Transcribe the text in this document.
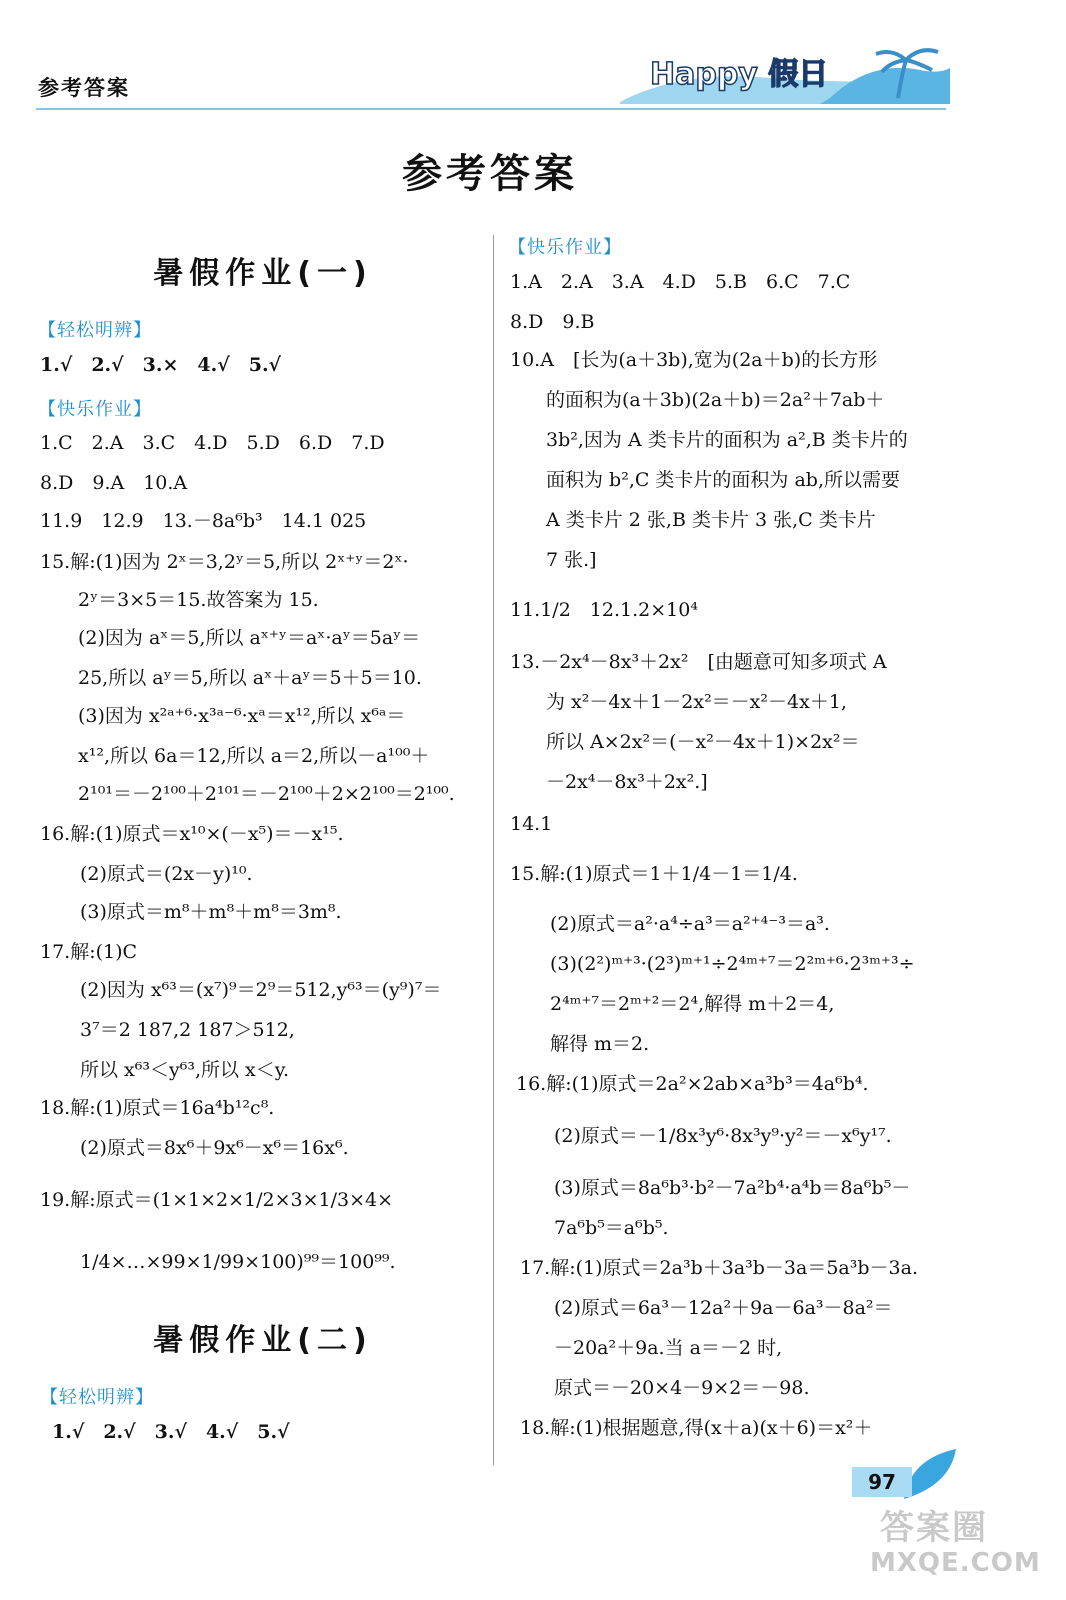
参考答案	Happy 假日
参考答案
暑假作业(一)
【轻松明辨】
1.√　2.√　3.×　4.√　5.√
【快乐作业】
1.C　2.A　3.C　4.D　5.D　6.D　7.D
8.D　9.A　10.A
11.9　12.9　13.－8a⁶b³　14.1 025
15.解:(1)因为 2ˣ＝3,2ʸ＝5,所以 2ˣ⁺ʸ＝2ˣ·
2ʸ＝3×5＝15.故答案为 15.
(2)因为 aˣ＝5,所以 aˣ⁺ʸ＝aˣ·aʸ＝5aʸ＝
25,所以 aʸ＝5,所以 aˣ＋aʸ＝5＋5＝10.
(3)因为 x²ᵃ⁺⁶·x³ᵃ⁻⁶·xᵃ＝x¹²,所以 x⁶ᵃ＝
x¹²,所以 6a＝12,所以 a＝2,所以－a¹⁰⁰＋
2¹⁰¹＝－2¹⁰⁰＋2¹⁰¹＝－2¹⁰⁰＋2×2¹⁰⁰＝2¹⁰⁰.
16.解:(1)原式＝x¹⁰×(－x⁵)＝－x¹⁵.
(2)原式＝(2x－y)¹⁰.
(3)原式＝m⁸＋m⁸＋m⁸＝3m⁸.
17.解:(1)C
(2)因为 x⁶³＝(x⁷)⁹＝2⁹＝512,y⁶³＝(y⁹)⁷＝
3⁷＝2 187,2 187＞512,
所以 x⁶³＜y⁶³,所以 x＜y.
18.解:(1)原式＝16a⁴b¹²c⁸.
(2)原式＝8x⁶＋9x⁶－x⁶＝16x⁶.
19.解:原式＝(1×1×2×1/2×3×1/3×4×
1/4×…×99×1/99×100)⁹⁹＝100⁹⁹.
暑假作业(二)
【轻松明辨】
1.√　2.√　3.√　4.√　5.√
【快乐作业】
1.A　2.A　3.A　4.D　5.B　6.C　7.C
8.D　9.B
10.A　[长为(a＋3b),宽为(2a＋b)的长方形
的面积为(a＋3b)(2a＋b)＝2a²＋7ab＋
3b²,因为 A 类卡片的面积为 a²,B 类卡片的
面积为 b²,C 类卡片的面积为 ab,所以需要
A 类卡片 2 张,B 类卡片 3 张,C 类卡片
7 张.]
11.1/2　12.1.2×10⁴
13.－2x⁴－8x³＋2x²　[由题意可知多项式 A
为 x²－4x＋1－2x²＝－x²－4x＋1,
所以 A×2x²＝(－x²－4x＋1)×2x²＝
－2x⁴－8x³＋2x².]
14.1
15.解:(1)原式＝1＋1/4－1＝1/4.
(2)原式＝a²·a⁴÷a³＝a²⁺⁴⁻³＝a³.
(3)(2²)ᵐ⁺³·(2³)ᵐ⁺¹÷2⁴ᵐ⁺⁷＝2²ᵐ⁺⁶·2³ᵐ⁺³÷
2⁴ᵐ⁺⁷＝2ᵐ⁺²＝2⁴,解得 m＋2＝4,
解得 m＝2.
16.解:(1)原式＝2a²×2ab×a³b³＝4a⁶b⁴.
(2)原式＝－1/8x³y⁶·8x³y⁹·y²＝－x⁶y¹⁷.
(3)原式＝8a⁶b³·b²－7a²b⁴·a⁴b＝8a⁶b⁵－
7a⁶b⁵＝a⁶b⁵.
17.解:(1)原式＝2a³b＋3a³b－3a＝5a³b－3a.
(2)原式＝6a³－12a²＋9a－6a³－8a²＝
－20a²＋9a.当 a＝－2 时,
原式＝－20×4－9×2＝－98.
18.解:(1)根据题意,得(x＋a)(x＋6)＝x²＋
97
答案圈
MXQE.COM
